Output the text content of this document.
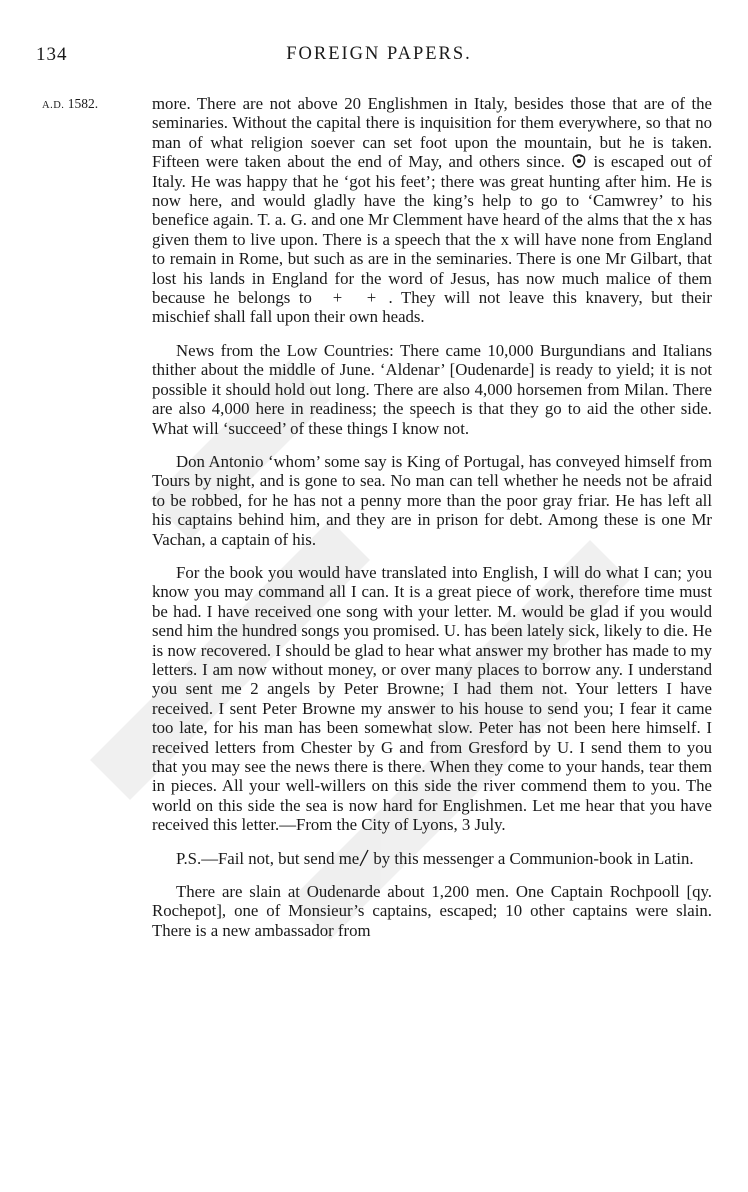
134	FOREIGN PAPERS.
A.D. 1582.	more. There are not above 20 Englishmen in Italy, besides those that are of the seminaries. Without the capital there is inquisition for them everywhere, so that no man of what religion soever can set foot upon the mountain, but he is taken. Fifteen were taken about the end of May, and others since.  is escaped out of Italy. He was happy that he ‘got his feet’; there was great hunting after him. He is now here, and would gladly have the king’s help to go to ‘Camwrey’ to his benefice again. T. a. G. and one Mr Clemment have heard of the alms that the x has given them to live upon. There is a speech that the x will have none from England to remain in Rome, but such as are in the seminaries. There is one Mr Gilbart, that lost his lands in England for the word of Jesus, has now much malice of them because he belongs to + + . They will not leave this knavery, but their mischief shall fall upon their own heads.

News from the Low Countries: There came 10,000 Burgundians and Italians thither about the middle of June. ‘Aldenar’ [Oudenarde] is ready to yield; it is not possible it should hold out long. There are also 4,000 horsemen from Milan. There are also 4,000 here in readiness; the speech is that they go to aid the other side. What will ‘succeed’ of these things I know not.

Don Antonio ‘whom’ some say is King of Portugal, has conveyed himself from Tours by night, and is gone to sea. No man can tell whether he needs not be afraid to be robbed, for he has not a penny more than the poor gray friar. He has left all his captains behind him, and they are in prison for debt. Among these is one Mr Vachan, a captain of his.

For the book you would have translated into English, I will do what I can; you know you may command all I can. It is a great piece of work, therefore time must be had. I have received one song with your letter. M. would be glad if you would send him the hundred songs you promised. U. has been lately sick, likely to die. He is now recovered. I should be glad to hear what answer my brother has made to my letters. I am now without money, or over many places to borrow any. I understand you sent me 2 angels by Peter Browne; I had them not. Your letters I have received. I sent Peter Browne my answer to his house to send you; I fear it came too late, for his man has been somewhat slow. Peter has not been here himself. I received letters from Chester by G and from Gresford by U. I send them to you that you may see the news there is there. When they come to your hands, tear them in pieces. All your well-willers on this side the river commend them to you. The world on this side the sea is now hard for Englishmen. Let me hear that you have received this letter.—From the City of Lyons, 3 July.

P.S.—Fail not, but send me by this messenger a Communion-book in Latin.

There are slain at Oudenarde about 1,200 men. One Captain Rochpooll [qy. Rochepot], one of Monsieur’s captains, escaped; 10 other captains were slain. There is a new ambassador from
